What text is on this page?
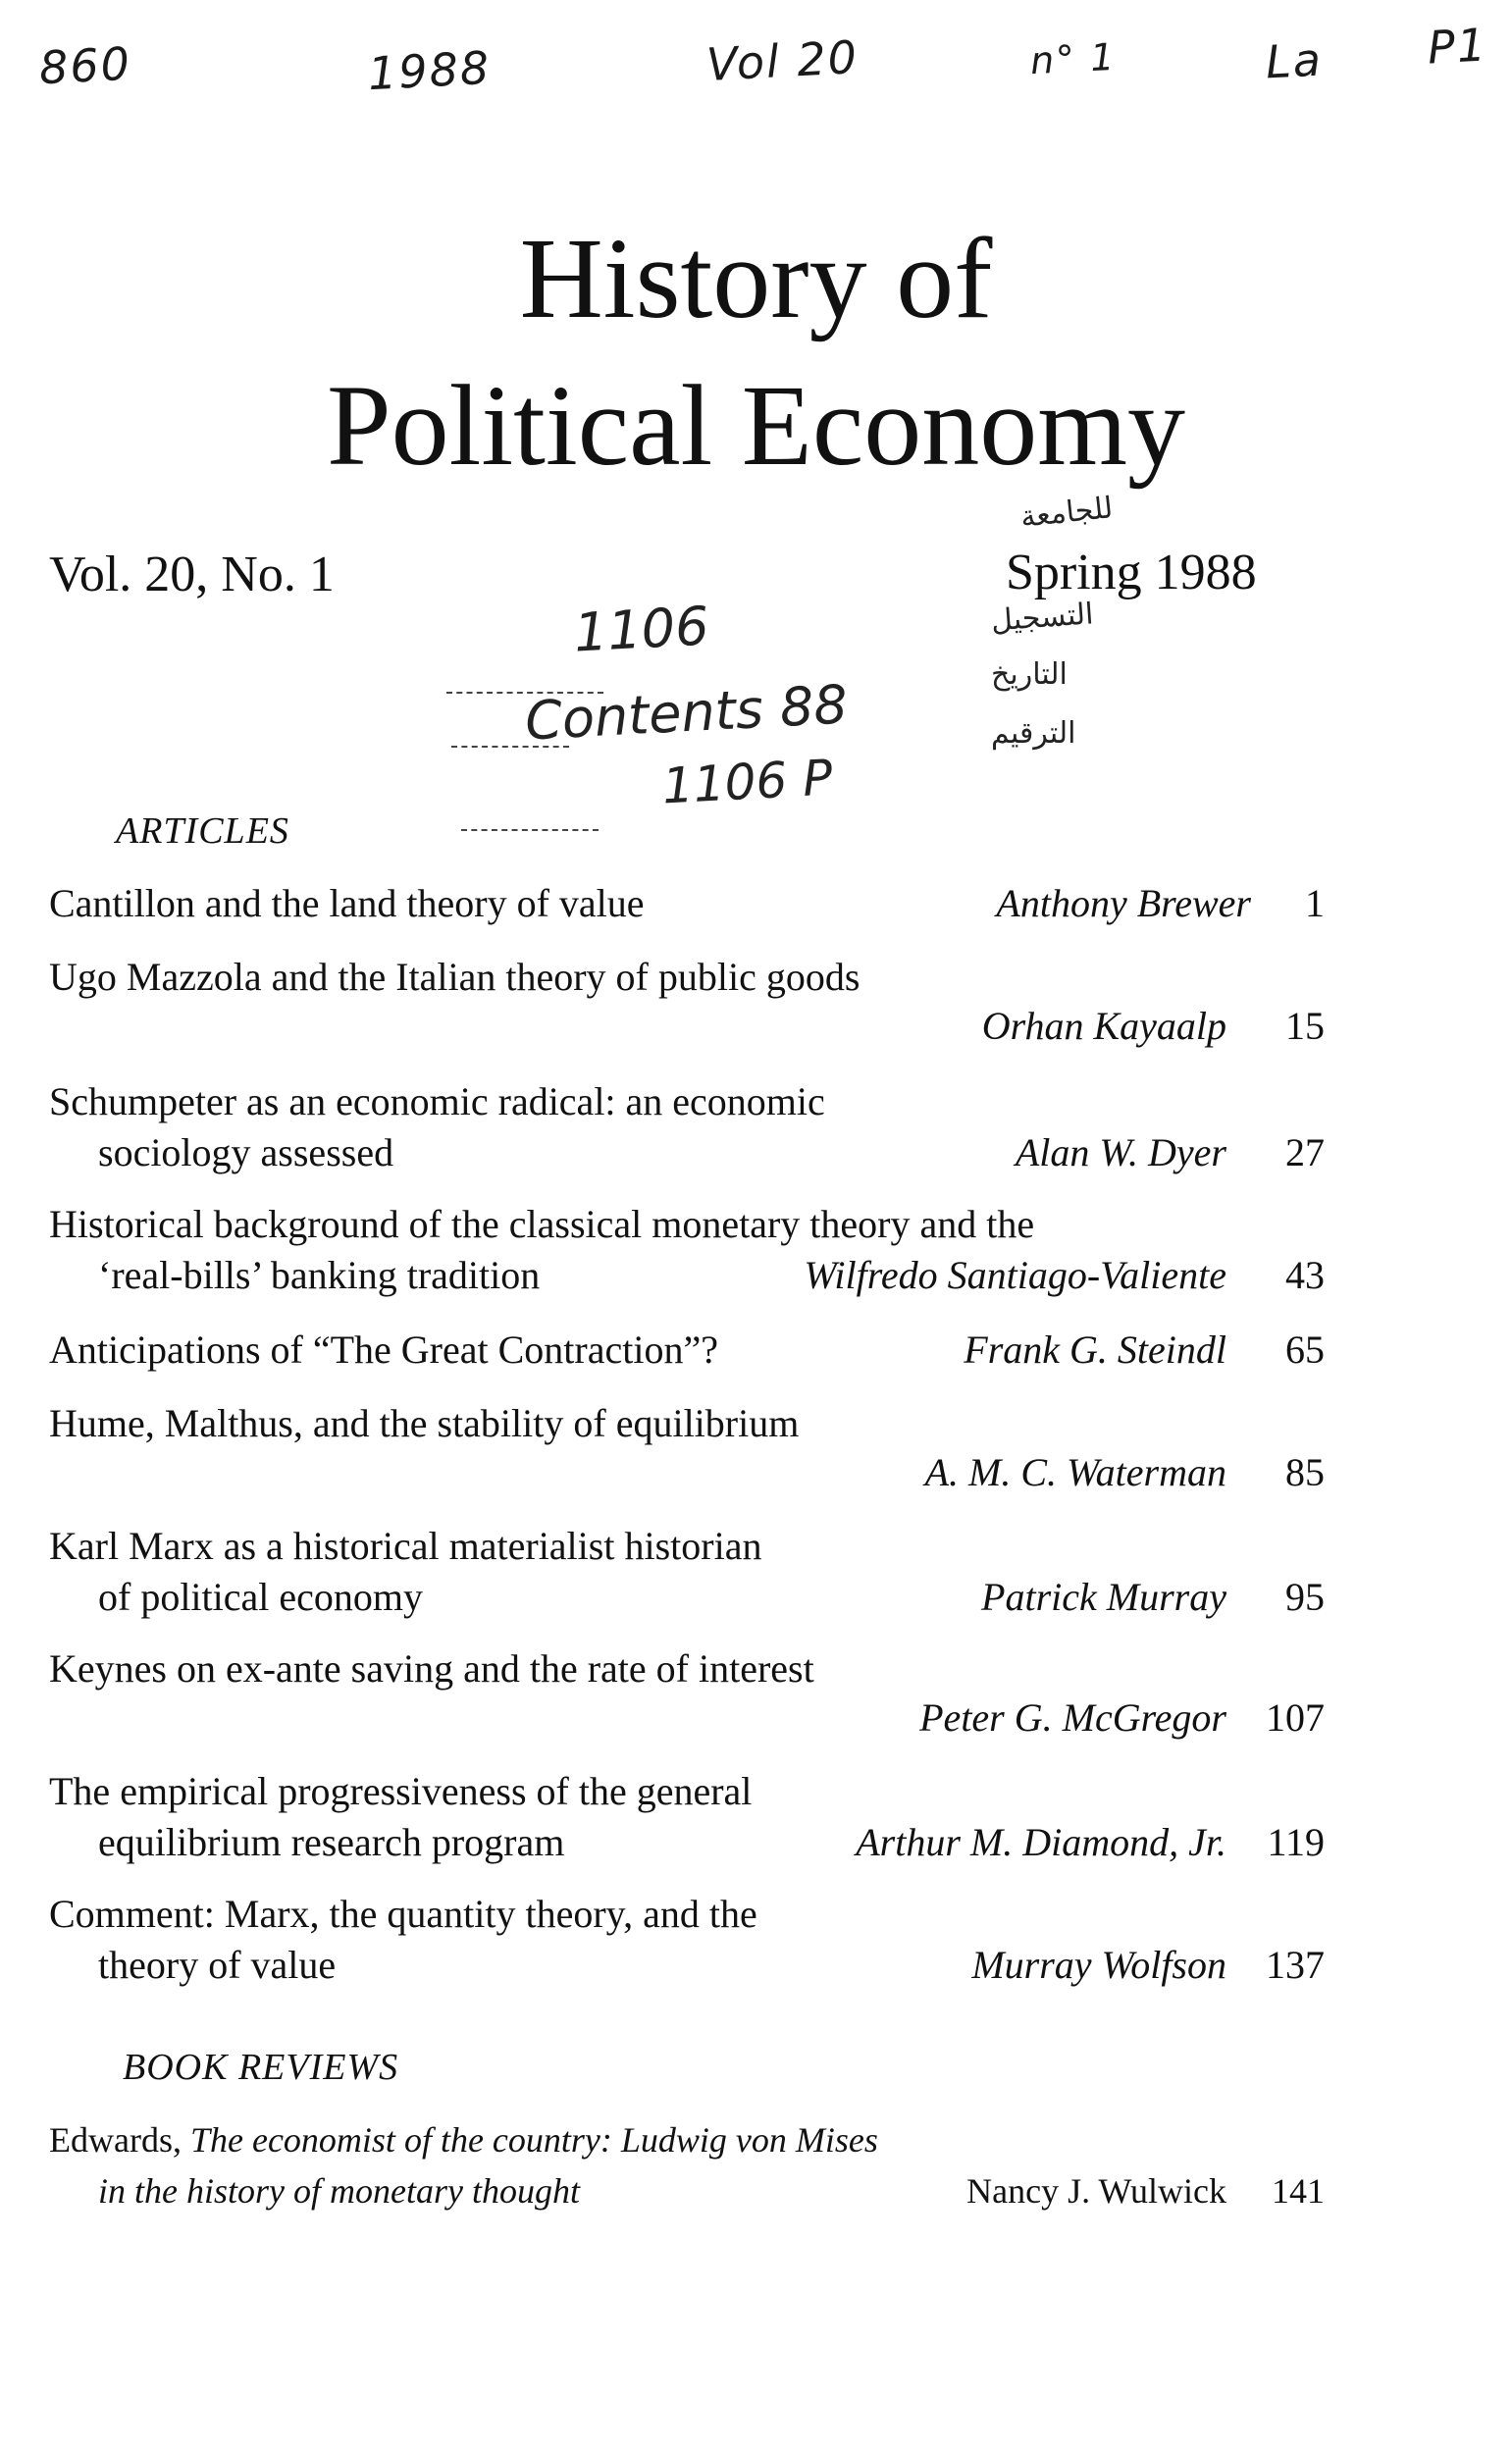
860	1988	Vol 20	n° 1	La P1
History of
Political Economy
Vol. 20, No. 1	Spring 1988
للجامعة
التسجيل
التاريخ
الترقيم
1106
Contents 88
1106 P
ARTICLES
Cantillon and the land theory of value	Anthony Brewer 1
Ugo Mazzola and the Italian theory of public goods
Orhan Kayaalp 15
Schumpeter as an economic radical: an economic
sociology assessed	Alan W. Dyer 27
Historical background of the classical monetary theory and the
‘real-bills’ banking tradition	Wilfredo Santiago-Valiente 43
Anticipations of “The Great Contraction”?	Frank G. Steindl 65
Hume, Malthus, and the stability of equilibrium
A. M. C. Waterman 85
Karl Marx as a historical materialist historian
of political economy	Patrick Murray 95
Keynes on ex-ante saving and the rate of interest
Peter G. McGregor 107
The empirical progressiveness of the general
equilibrium research program	Arthur M. Diamond, Jr. 119
Comment: Marx, the quantity theory, and the
theory of value	Murray Wolfson 137
BOOK REVIEWS
Edwards, The economist of the country: Ludwig von Mises
in the history of monetary thought	Nancy J. Wulwick 141
